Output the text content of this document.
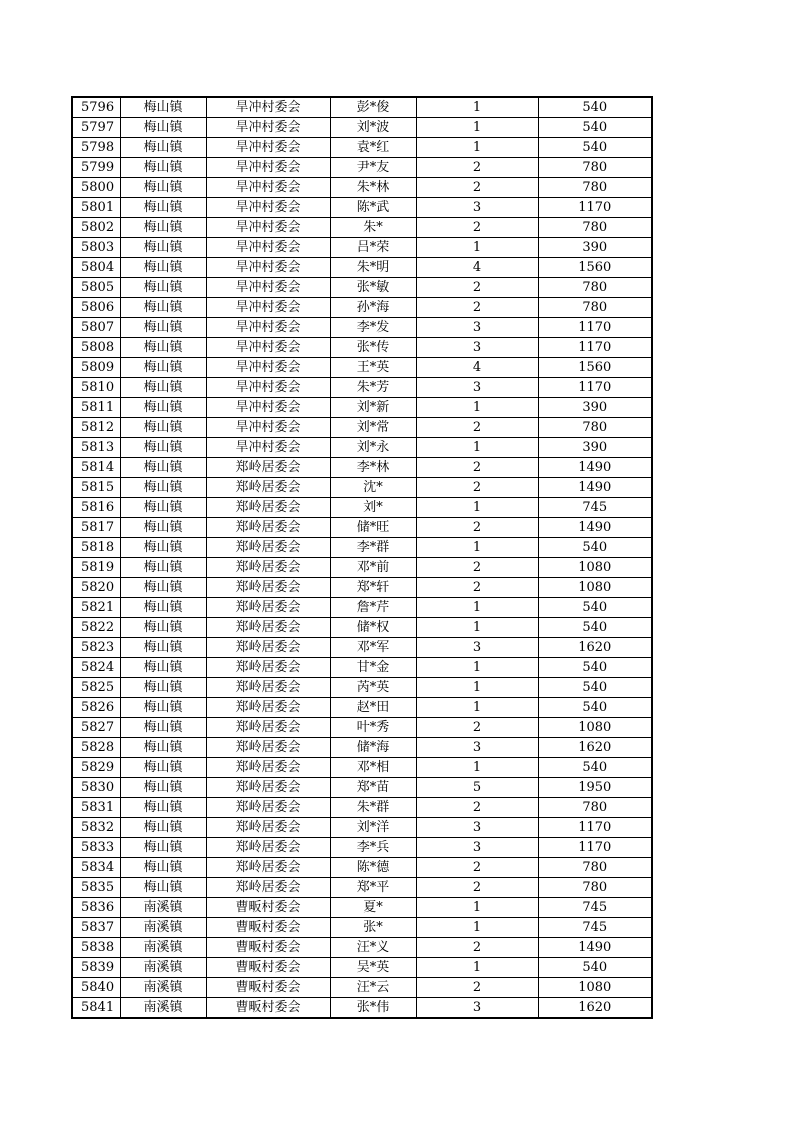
5796	梅山镇	旱冲村委会	彭*俊	1	540
5797	梅山镇	旱冲村委会	刘*波	1	540
5798	梅山镇	旱冲村委会	袁*红	1	540
5799	梅山镇	旱冲村委会	尹*友	2	780
5800	梅山镇	旱冲村委会	朱*林	2	780
5801	梅山镇	旱冲村委会	陈*武	3	1170
5802	梅山镇	旱冲村委会	朱*	2	780
5803	梅山镇	旱冲村委会	吕*荣	1	390
5804	梅山镇	旱冲村委会	朱*明	4	1560
5805	梅山镇	旱冲村委会	张*敏	2	780
5806	梅山镇	旱冲村委会	孙*海	2	780
5807	梅山镇	旱冲村委会	李*发	3	1170
5808	梅山镇	旱冲村委会	张*传	3	1170
5809	梅山镇	旱冲村委会	王*英	4	1560
5810	梅山镇	旱冲村委会	朱*芳	3	1170
5811	梅山镇	旱冲村委会	刘*新	1	390
5812	梅山镇	旱冲村委会	刘*常	2	780
5813	梅山镇	旱冲村委会	刘*永	1	390
5814	梅山镇	郑岭居委会	李*林	2	1490
5815	梅山镇	郑岭居委会	沈*	2	1490
5816	梅山镇	郑岭居委会	刘*	1	745
5817	梅山镇	郑岭居委会	储*旺	2	1490
5818	梅山镇	郑岭居委会	李*群	1	540
5819	梅山镇	郑岭居委会	邓*前	2	1080
5820	梅山镇	郑岭居委会	郑*轩	2	1080
5821	梅山镇	郑岭居委会	詹*芹	1	540
5822	梅山镇	郑岭居委会	储*权	1	540
5823	梅山镇	郑岭居委会	邓*军	3	1620
5824	梅山镇	郑岭居委会	甘*金	1	540
5825	梅山镇	郑岭居委会	芮*英	1	540
5826	梅山镇	郑岭居委会	赵*田	1	540
5827	梅山镇	郑岭居委会	叶*秀	2	1080
5828	梅山镇	郑岭居委会	储*海	3	1620
5829	梅山镇	郑岭居委会	邓*相	1	540
5830	梅山镇	郑岭居委会	郑*苗	5	1950
5831	梅山镇	郑岭居委会	朱*群	2	780
5832	梅山镇	郑岭居委会	刘*洋	3	1170
5833	梅山镇	郑岭居委会	李*兵	3	1170
5834	梅山镇	郑岭居委会	陈*德	2	780
5835	梅山镇	郑岭居委会	郑*平	2	780
5836	南溪镇	曹畈村委会	夏*	1	745
5837	南溪镇	曹畈村委会	张*	1	745
5838	南溪镇	曹畈村委会	汪*义	2	1490
5839	南溪镇	曹畈村委会	吴*英	1	540
5840	南溪镇	曹畈村委会	汪*云	2	1080
5841	南溪镇	曹畈村委会	张*伟	3	1620
